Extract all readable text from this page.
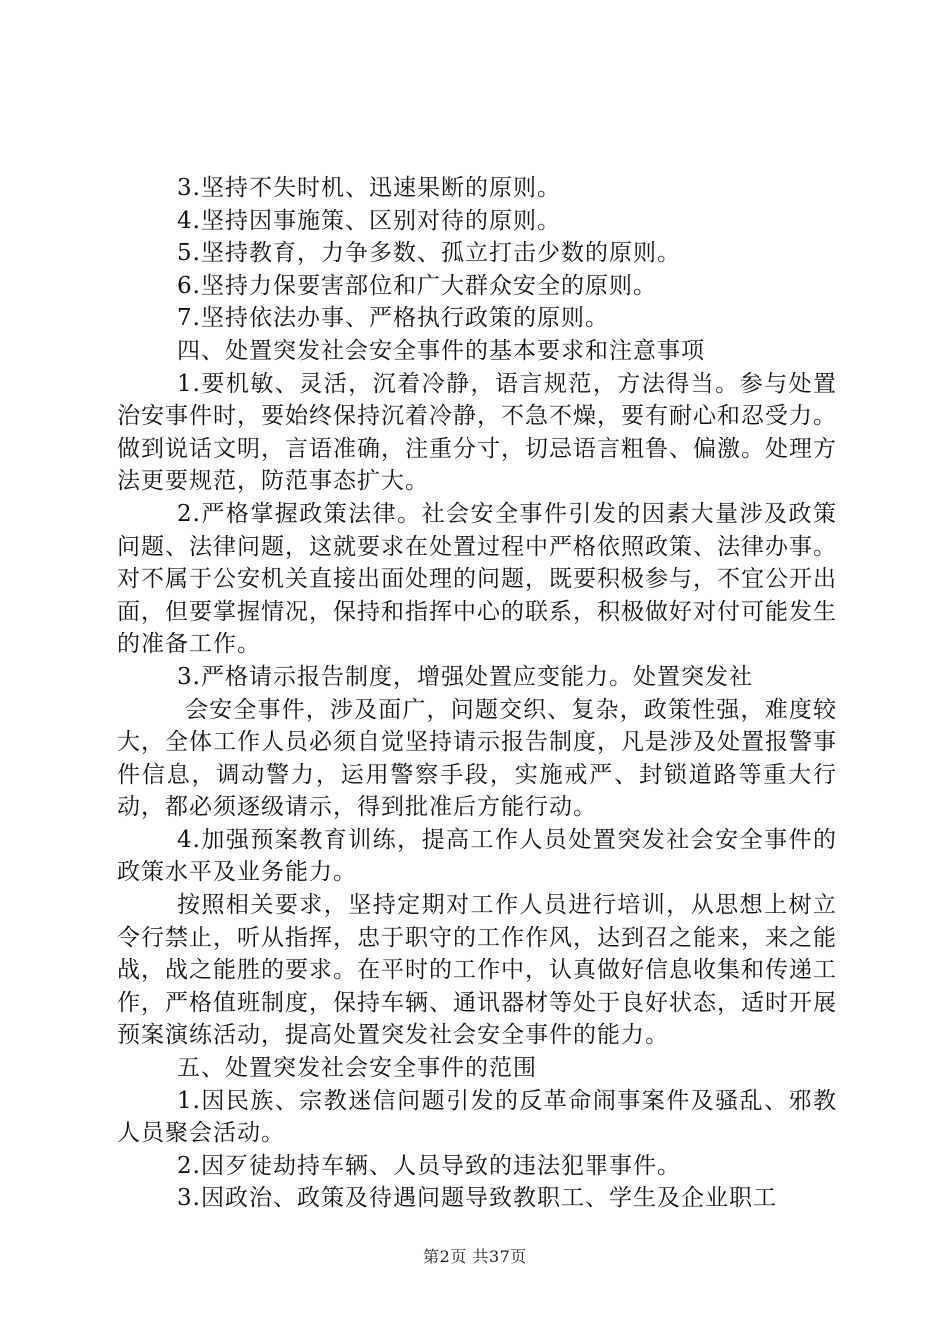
3.坚持不失时机、迅速果断的原则。

4.坚持因事施策、区别对待的原则。

5.坚持教育，力争多数、孤立打击少数的原则。

6.坚持力保要害部位和广大群众安全的原则。

7.坚持依法办事、严格执行政策的原则。

四、处置突发社会安全事件的基本要求和注意事项

1.要机敏、灵活，沉着冷静，语言规范，方法得当。参与处置治安事件时，要始终保持沉着冷静，不急不燥，要有耐心和忍受力。做到说话文明，言语准确，注重分寸，切忌语言粗鲁、偏激。处理方法更要规范，防范事态扩大。

2.严格掌握政策法律。社会安全事件引发的因素大量涉及政策问题、法律问题，这就要求在处置过程中严格依照政策、法律办事。对不属于公安机关直接出面处理的问题，既要积极参与，不宜公开出面，但要掌握情况，保持和指挥中心的联系，积极做好对付可能发生的准备工作。

3.严格请示报告制度，增强处置应变能力。处置突发社

会安全事件，涉及面广，问题交织、复杂，政策性强，难度较大，全体工作人员必须自觉坚持请示报告制度，凡是涉及处置报警事件信息，调动警力，运用警察手段，实施戒严、封锁道路等重大行动，都必须逐级请示，得到批准后方能行动。

4.加强预案教育训练，提高工作人员处置突发社会安全事件的政策水平及业务能力。

按照相关要求，坚持定期对工作人员进行培训，从思想上树立令行禁止，听从指挥，忠于职守的工作作风，达到召之能来，来之能战，战之能胜的要求。在平时的工作中，认真做好信息收集和传递工作，严格值班制度，保持车辆、通讯器材等处于良好状态，适时开展预案演练活动，提高处置突发社会安全事件的能力。

五、处置突发社会安全事件的范围

1.因民族、宗教迷信问题引发的反革命闹事案件及骚乱、邪教人员聚会活动。

2.因歹徒劫持车辆、人员导致的违法犯罪事件。

3.因政治、政策及待遇问题导致教职工、学生及企业职工

第2页 共37页
